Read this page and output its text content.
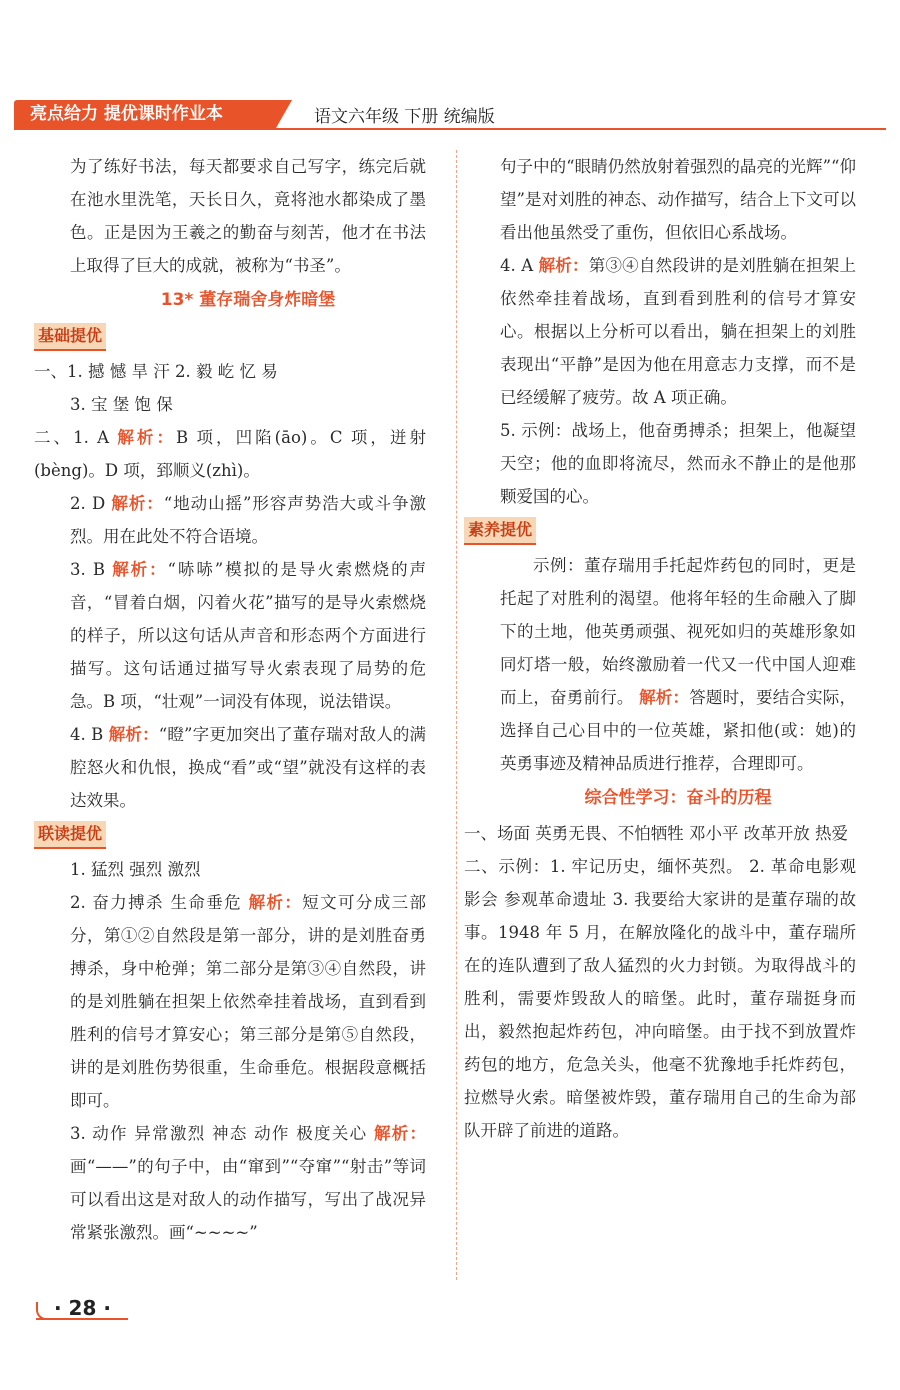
亮点给力 提优课时作业本	语文六年级 下册 统编版

为了练好书法，每天都要求自己写字，练完后就在池水里洗笔，天长日久，竟将池水都染成了墨色。正是因为王羲之的勤奋与刻苦，他才在书法上取得了巨大的成就，被称为“书圣”。

13* 董存瑞舍身炸暗堡
基础提优

一、1. 撼 憾 旱 汗 2. 毅 屹 忆 易

3. 宝 堡 饱 保

二、1. A 解析：B 项，凹陷(āo)。C 项，迸射(bèng)。D 项，郅顺义(zhì)。

2. D 解析：“地动山摇”形容声势浩大或斗争激烈。用在此处不符合语境。

3. B 解析：“哧哧”模拟的是导火索燃烧的声音，“冒着白烟，闪着火花”描写的是导火索燃烧的样子，所以这句话从声音和形态两个方面进行描写。这句话通过描写导火索表现了局势的危急。B 项，“壮观”一词没有体现，说法错误。

4. B 解析：“瞪”字更加突出了董存瑞对敌人的满腔怒火和仇恨，换成“看”或“望”就没有这样的表达效果。

联读提优

1. 猛烈 强烈 激烈

2. 奋力搏杀 生命垂危 解析：短文可分成三部分，第①②自然段是第一部分，讲的是刘胜奋勇搏杀，身中枪弹；第二部分是第③④自然段，讲的是刘胜躺在担架上依然牵挂着战场，直到看到胜利的信号才算安心；第三部分是第⑤自然段，讲的是刘胜伤势很重，生命垂危。根据段意概括即可。

3. 动作 异常激烈 神态 动作 极度关心 解析：画“——”的句子中，由“窜到”“夺窜”“射击”等词可以看出这是对敌人的动作描写，写出了战况异常紧张激烈。画“~~~~”

句子中的“眼睛仍然放射着强烈的晶亮的光辉”“仰望”是对刘胜的神态、动作描写，结合上下文可以看出他虽然受了重伤，但依旧心系战场。

4. A 解析：第③④自然段讲的是刘胜躺在担架上依然牵挂着战场，直到看到胜利的信号才算安心。根据以上分析可以看出，躺在担架上的刘胜表现出“平静”是因为他在用意志力支撑，而不是已经缓解了疲劳。故 A 项正确。

5. 示例：战场上，他奋勇搏杀；担架上，他凝望天空；他的血即将流尽，然而永不静止的是他那颗爱国的心。

素养提优

示例：董存瑞用手托起炸药包的同时，更是托起了对胜利的渴望。他将年轻的生命融入了脚下的土地，他英勇顽强、视死如归的英雄形象如同灯塔一般，始终激励着一代又一代中国人迎难而上，奋勇前行。 解析：答题时，要结合实际，选择自己心目中的一位英雄，紧扣他(或：她)的英勇事迹及精神品质进行推荐，合理即可。

综合性学习：奋斗的历程

一、场面 英勇无畏、不怕牺牲 邓小平 改革开放 热爱

二、示例：1. 牢记历史，缅怀英烈。 2. 革命电影观影会 参观革命遗址 3. 我要给大家讲的是董存瑞的故事。1948 年 5 月，在解放隆化的战斗中，董存瑞所在的连队遭到了敌人猛烈的火力封锁。为取得战斗的胜利，需要炸毁敌人的暗堡。此时，董存瑞挺身而出，毅然抱起炸药包，冲向暗堡。由于找不到放置炸药包的地方，危急关头，他毫不犹豫地手托炸药包，拉燃导火索。暗堡被炸毁，董存瑞用自己的生命为部队开辟了前进的道路。

· 28 ·
